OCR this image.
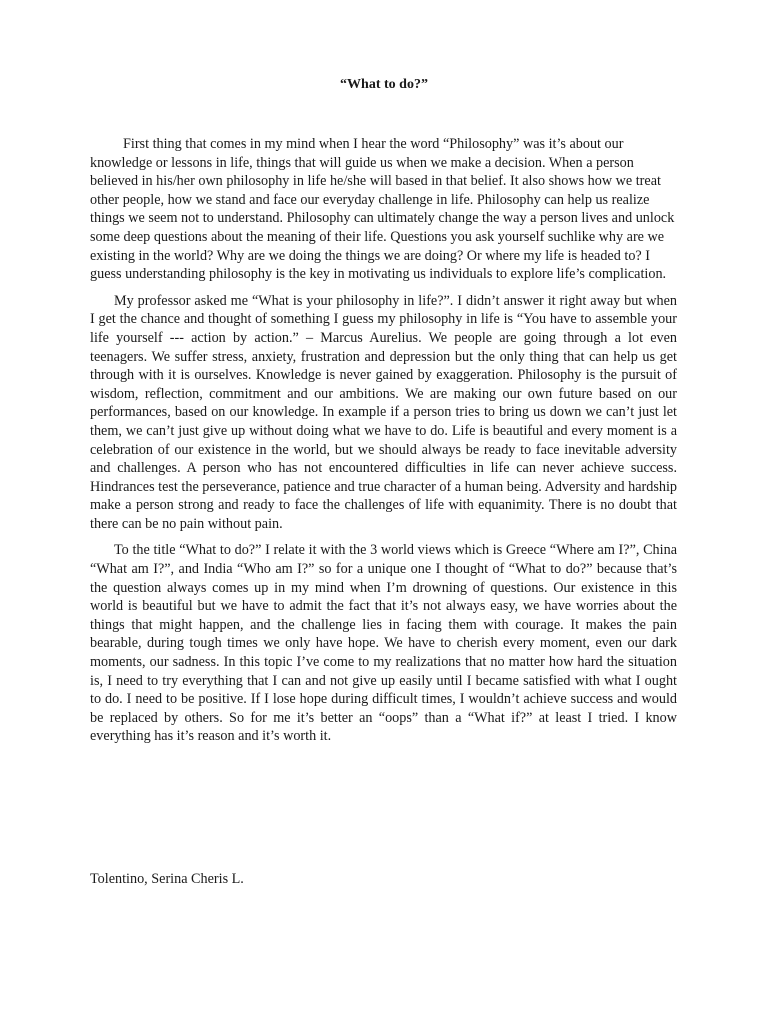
“What to do?”

First thing that comes in my mind when I hear the word “Philosophy” was it’s about our knowledge or lessons in life, things that will guide us when we make a decision. When a person believed in his/her own philosophy in life he/she will based in that belief. It also shows how we treat other people, how we stand and face our everyday challenge in life. Philosophy can help us realize things we seem not to understand. Philosophy can ultimately change the way a person lives and unlock some deep questions about the meaning of their life. Questions you ask yourself suchlike why are we existing in the world? Why are we doing the things we are doing? Or where my life is headed to? I guess understanding philosophy is the key in motivating us individuals to explore life’s complication.

My professor asked me “What is your philosophy in life?”. I didn’t answer it right away but when I get the chance and thought of something I guess my philosophy in life is “You have to assemble your life yourself --- action by action.” – Marcus Aurelius. We people are going through a lot even teenagers. We suffer stress, anxiety, frustration and depression but the only thing that can help us get through with it is ourselves. Knowledge is never gained by exaggeration. Philosophy is the pursuit of wisdom, reflection, commitment and our ambitions. We are making our own future based on our performances, based on our knowledge. In example if a person tries to bring us down we can’t just let them, we can’t just give up without doing what we have to do. Life is beautiful and every moment is a celebration of our existence in the world, but we should always be ready to face inevitable adversity and challenges. A person who has not encountered difficulties in life can never achieve success. Hindrances test the perseverance, patience and true character of a human being. Adversity and hardship make a person strong and ready to face the challenges of life with equanimity. There is no doubt that there can be no pain without pain.

To the title “What to do?” I relate it with the 3 world views which is Greece “Where am I?”, China “What am I?”, and India “Who am I?” so for a unique one I thought of “What to do?” because that’s the question always comes up in my mind when I’m drowning of questions. Our existence in this world is beautiful but we have to admit the fact that it’s not always easy, we have worries about the things that might happen, and the challenge lies in facing them with courage. It makes the pain bearable, during tough times we only have hope. We have to cherish every moment, even our dark moments, our sadness. In this topic I’ve come to my realizations that no matter how hard the situation is, I need to try everything that I can and not give up easily until I became satisfied with what I ought to do. I need to be positive. If I lose hope during difficult times, I wouldn’t achieve success and would be replaced by others. So for me it’s better an “oops” than a “What if?” at least I tried. I know everything has it’s reason and it’s worth it.

Tolentino, Serina Cheris L.
